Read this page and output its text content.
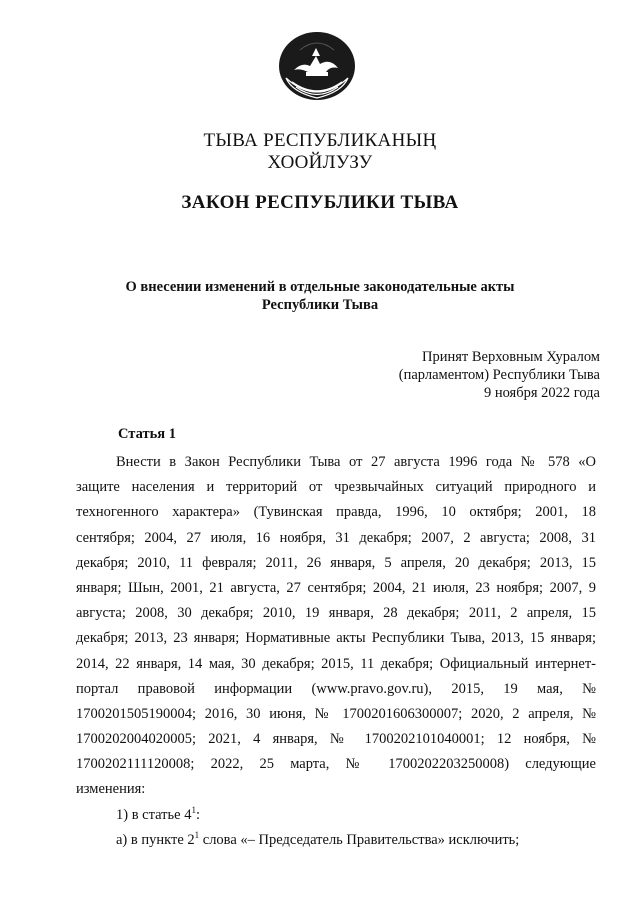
ТЫВА РЕСПУБЛИКАНЫҢ
ХООЙЛУЗУ
ЗАКОН РЕСПУБЛИКИ ТЫВА
О внесении изменений в отдельные законодательные акты
Республики Тыва
Принят Верховным Хуралом
(парламентом) Республики Тыва
9 ноября 2022 года
Статья 1
Внести в Закон Республики Тыва от 27 августа 1996 года № 578 «О
защите населения и территорий от чрезвычайных ситуаций природного и
техногенного характера» (Тувинская правда, 1996, 10 октября; 2001, 18
сентября; 2004, 27 июля, 16 ноября, 31 декабря; 2007, 2 августа; 2008, 31
декабря; 2010, 11 февраля; 2011, 26 января, 5 апреля, 20 декабря; 2013, 15
января; Шын, 2001, 21 августа, 27 сентября; 2004, 21 июля, 23 ноября; 2007, 9
августа; 2008, 30 декабря; 2010, 19 января, 28 декабря; 2011, 2 апреля, 15
декабря; 2013, 23 января; Нормативные акты Республики Тыва, 2013, 15 января;
2014, 22 января, 14 мая, 30 декабря; 2015, 11 декабря; Официальный интернет-
портал правовой информации (www.pravo.gov.ru), 2015, 19 мая, №
1700201505190004; 2016, 30 июня, № 1700201606300007; 2020, 2 апреля, №
1700202004020005; 2021, 4 января, № 1700202101040001; 12 ноября, №
1700202111120008; 2022, 25 марта, № 1700202203250008) следующие
изменения:
1) в статье $4^1$:
а) в пункте $2^1$ слова «– Председатель Правительства» исключить;
